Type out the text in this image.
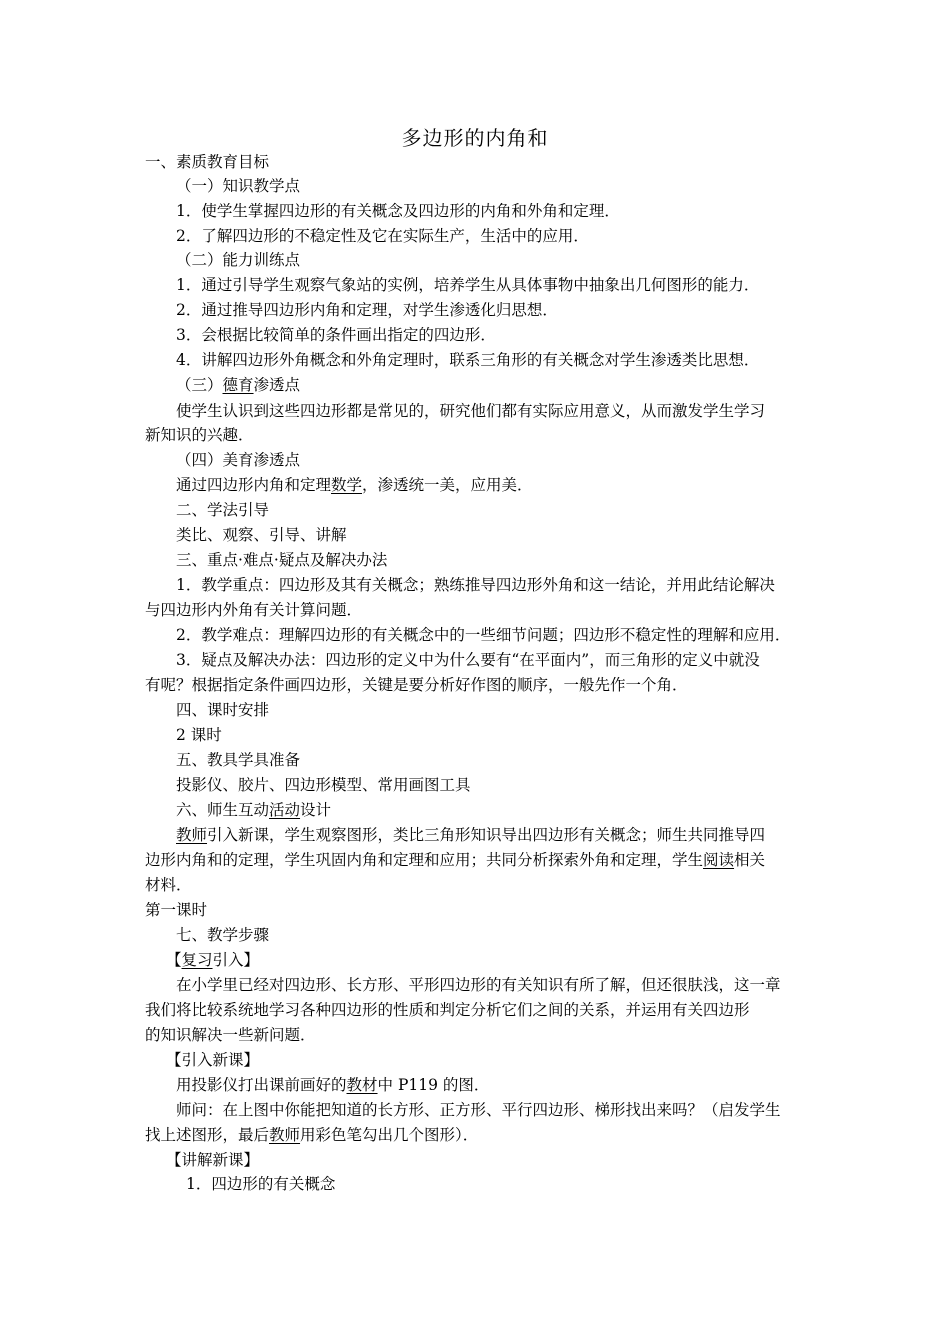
多边形的内角和
一、素质教育目标
（一）知识教学点
1．使学生掌握四边形的有关概念及四边形的内角和外角和定理．
2．了解四边形的不稳定性及它在实际生产，生活中的应用．
（二）能力训练点
1．通过引导学生观察气象站的实例，培养学生从具体事物中抽象出几何图形的能力．
2．通过推导四边形内角和定理，对学生渗透化归思想．
3．会根据比较简单的条件画出指定的四边形．
4．讲解四边形外角概念和外角定理时，联系三角形的有关概念对学生渗透类比思想．
（三）德育渗透点
使学生认识到这些四边形都是常见的，研究他们都有实际应用意义，从而激发学生学习
新知识的兴趣．
（四）美育渗透点
通过四边形内角和定理数学，渗透统一美，应用美．
二、学法引导
类比、观察、引导、讲解
三、重点·难点·疑点及解决办法
1．教学重点：四边形及其有关概念；熟练推导四边形外角和这一结论，并用此结论解决
与四边形内外角有关计算问题．
2．教学难点：理解四边形的有关概念中的一些细节问题；四边形不稳定性的理解和应用．
3．疑点及解决办法：四边形的定义中为什么要有“在平面内”，而三角形的定义中就没
有呢？根据指定条件画四边形，关键是要分析好作图的顺序，一般先作一个角．
四、课时安排
2 课时
五、教具学具准备
投影仪、胶片、四边形模型、常用画图工具
六、师生互动活动设计
教师引入新课，学生观察图形，类比三角形知识导出四边形有关概念；师生共同推导四
边形内角和的定理，学生巩固内角和定理和应用；共同分析探索外角和定理，学生阅读相关
材料．
第一课时
七、教学步骤
【复习引入】
在小学里已经对四边形、长方形、平形四边形的有关知识有所了解，但还很肤浅，这一章
我们将比较系统地学习各种四边形的性质和判定分析它们之间的关系，并运用有关四边形
的知识解决一些新问题．
【引入新课】
用投影仪打出课前画好的教材中 P119 的图．
师问：在上图中你能把知道的长方形、正方形、平行四边形、梯形找出来吗？（启发学生
找上述图形，最后教师用彩色笔勾出几个图形）．
【讲解新课】
1．四边形的有关概念
